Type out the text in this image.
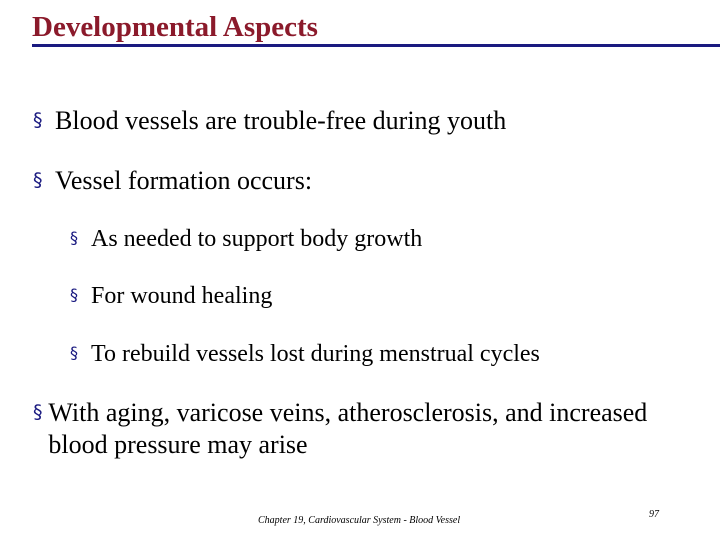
Developmental Aspects
§ Blood vessels are trouble-free during youth
§ Vessel formation occurs:
§ As needed to support body growth
§ For wound healing
§ To rebuild vessels lost during menstrual cycles
§ With aging, varicose veins, atherosclerosis, and increased blood pressure may arise
Chapter 19, Cardiovascular System - Blood Vessel
97
